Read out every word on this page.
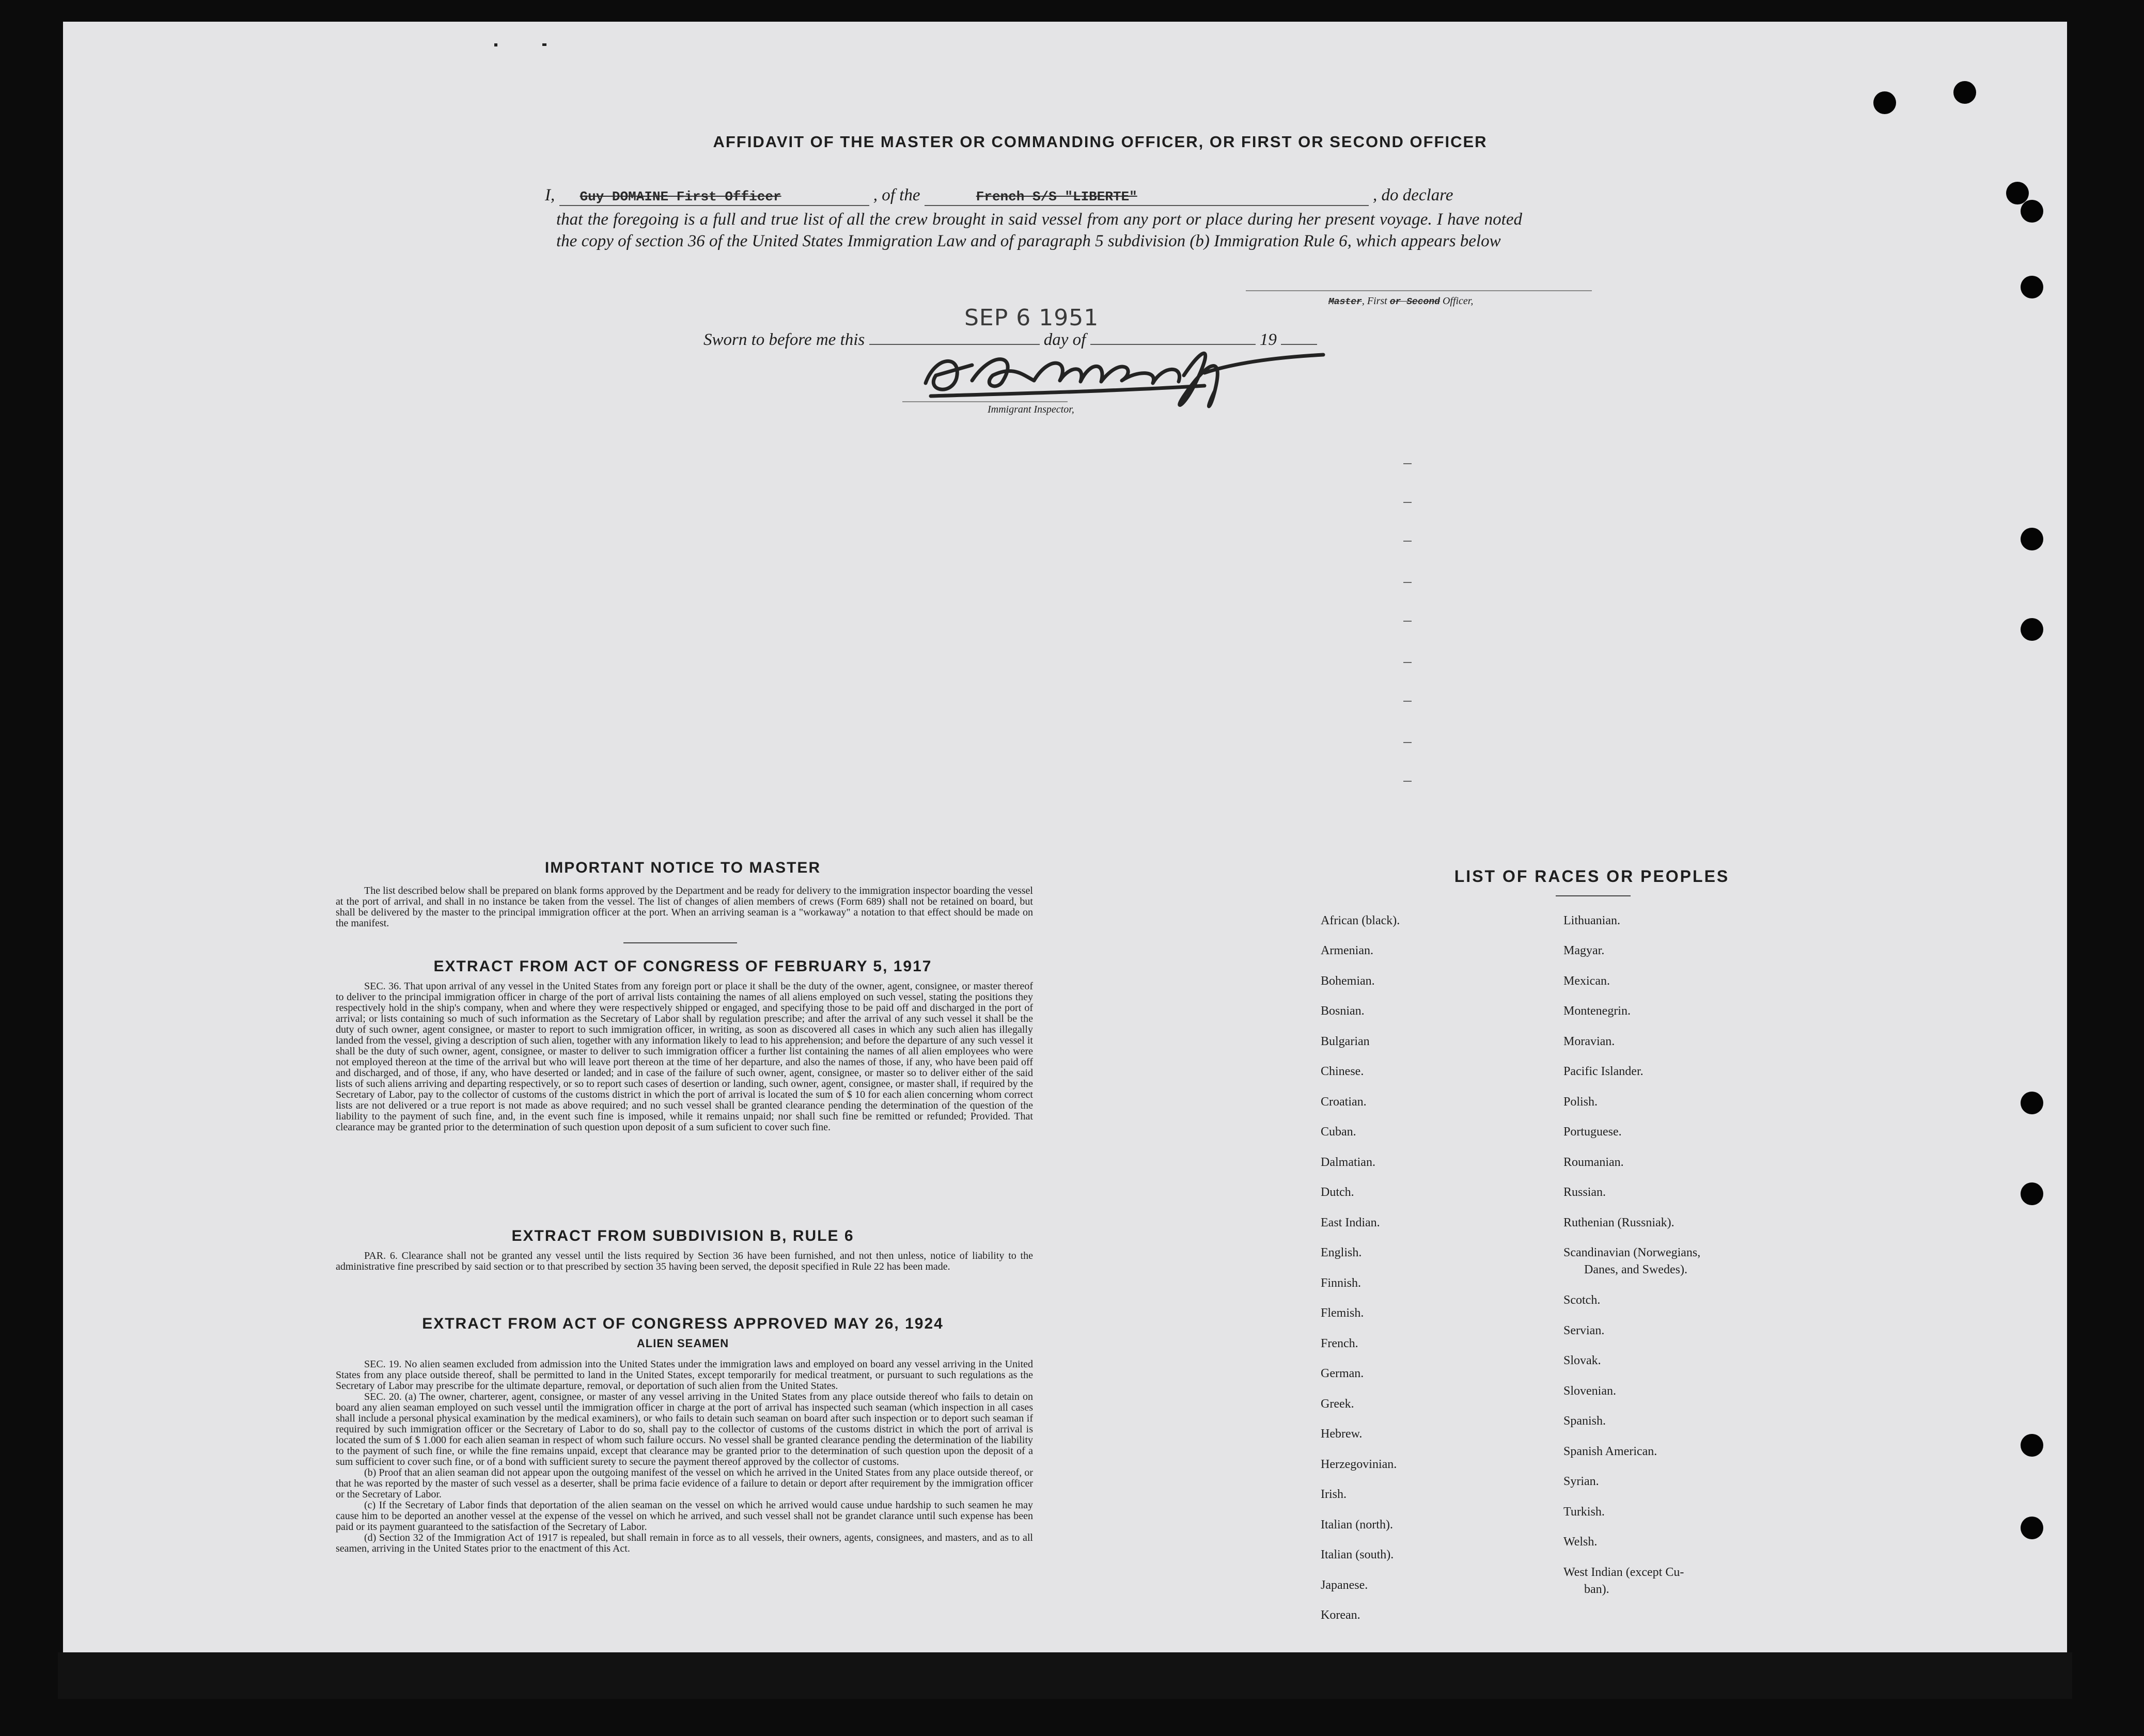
AFFIDAVIT OF THE MASTER OR COMMANDING OFFICER, OR FIRST OR SECOND OFFICER
I, Guy DOMAINE First Officer	, of the	French S/S "LIBERTE"	, do declare
that the foregoing is a full and true list of all the crew brought in said vessel from any port or place during her present voyage. I have noted the copy of section 36 of the United States Immigration Law and of paragraph 5 subdivision (b) Immigration Rule 6, which appears below
Master, First or Second Officer,
SEP 6 1951
Sworn to before me this	day of	19
Immigrant Inspector,
IMPORTANT NOTICE TO MASTER

The list described below shall be prepared on blank forms approved by the Department and be ready for delivery to the immigration inspector boarding the vessel at the port of arrival, and shall in no instance be taken from the vessel. The list of changes of alien members of crews (Form 689) shall not be retained on board, but shall be delivered by the master to the principal immigration officer at the port. When an arriving seaman is a "workaway" a notation to that effect should be made on the manifest.

EXTRACT FROM ACT OF CONGRESS OF FEBRUARY 5, 1917

SEC. 36. That upon arrival of any vessel in the United States from any foreign port or place it shall be the duty of the owner, agent, consignee, or master thereof to deliver to the principal immigration officer in charge of the port of arrival lists containing the names of all aliens employed on such vessel, stating the positions they respectively hold in the ship's company, when and where they were respectively shipped or engaged, and specifying those to be paid off and discharged in the port of arrival; or lists containing so much of such information as the Secretary of Labor shall by regulation prescribe; and after the arrival of any such vessel it shall be the duty of such owner, agent consignee, or master to report to such immigration officer, in writing, as soon as discovered all cases in which any such alien has illegally landed from the vessel, giving a description of such alien, together with any information likely to lead to his apprehension; and before the departure of any such vessel it shall be the duty of such owner, agent, consignee, or master to deliver to such immigration officer a further list containing the names of all alien employees who were not employed thereon at the time of the arrival but who will leave port thereon at the time of her departure, and also the names of those, if any, who have been paid off and discharged, and of those, if any, who have deserted or landed; and in case of the failure of such owner, agent, consignee, or master so to deliver either of the said lists of such aliens arriving and departing respectively, or so to report such cases of desertion or landing, such owner, agent, consignee, or master shall, if required by the Secretary of Labor, pay to the collector of customs of the customs district in which the port of arrival is located the sum of $ 10 for each alien concerning whom correct lists are not delivered or a true report is not made as above required; and no such vessel shall be granted clearance pending the determination of the question of the liability to the payment of such fine, and, in the event such fine is imposed, while it remains unpaid; nor shall such fine be remitted or refunded; Provided. That clearance may be granted prior to the determination of such question upon deposit of a sum suficient to cover such fine.

EXTRACT FROM SUBDIVISION B, RULE 6

PAR. 6. Clearance shall not be granted any vessel until the lists required by Section 36 have been furnished, and not then unless, notice of liability to the administrative fine prescribed by said section or to that prescribed by section 35 having been served, the deposit specified in Rule 22 has been made.

EXTRACT FROM ACT OF CONGRESS APPROVED MAY 26, 1924
ALIEN SEAMEN

SEC. 19. No alien seamen excluded from admission into the United States under the immigration laws and employed on board any vessel arriving in the United States from any place outside thereof, shall be permitted to land in the United States, except temporarily for medical treatment, or pursuant to such regulations as the Secretary of Labor may prescribe for the ultimate departure, removal, or deportation of such alien from the United States.

SEC. 20. (a) The owner, charterer, agent, consignee, or master of any vessel arriving in the United States from any place outside thereof who fails to detain on board any alien seaman employed on such vessel until the immigration officer in charge at the port of arrival has inspected such seaman (which inspection in all cases shall include a personal physical examination by the medical examiners), or who fails to detain such seaman on board after such inspection or to deport such seaman if required by such immigration officer or the Secretary of Labor to do so, shall pay to the collector of customs of the customs district in which the port of arrival is located the sum of $ 1.000 for each alien seaman in respect of whom such failure occurs. No vessel shall be granted clearance pending the determination of the liability to the payment of such fine, or while the fine remains unpaid, except that clearance may be granted prior to the determination of such question upon the deposit of a sum sufficient to cover such fine, or of a bond with sufficient surety to secure the payment thereof approved by the collector of customs.

(b) Proof that an alien seaman did not appear upon the outgoing manifest of the vessel on which he arrived in the United States from any place outside thereof, or that he was reported by the master of such vessel as a deserter, shall be prima facie evidence of a failure to detain or deport after requirement by the immigration officer or the Secretary of Labor.

(c) If the Secretary of Labor finds that deportation of the alien seaman on the vessel on which he arrived would cause undue hardship to such seamen he may cause him to be deported an another vessel at the expense of the vessel on which he arrived, and such vessel shall not be grandet clarance until such expense has been paid or its payment guaranteed to the satisfaction of the Secretary of Labor.

(d) Section 32 of the Immigration Act of 1917 is repealed, but shall remain in force as to all vessels, their owners, agents, consignees, and masters, and as to all seamen, arriving in the United States prior to the enactment of this Act.

LIST OF RACES OR PEOPLES
African (black).
Armenian.
Bohemian.
Bosnian.
Bulgarian
Chinese.
Croatian.
Cuban.
Dalmatian.
Dutch.
East Indian.
English.
Finnish.
Flemish.
French.
German.
Greek.
Hebrew.
Herzegovinian.
Irish.
Italian (north).
Italian (south).
Japanese.
Korean.
Lithuanian.
Magyar.
Mexican.
Montenegrin.
Moravian.
Pacific Islander.
Polish.
Portuguese.
Roumanian.
Russian.
Ruthenian (Russniak).
Scandinavian (Norwegians,
Danes, and Swedes).
Scotch.
Servian.
Slovak.
Slovenian.
Spanish.
Spanish American.
Syrian.
Turkish.
Welsh.
West Indian (except Cu-
ban).
